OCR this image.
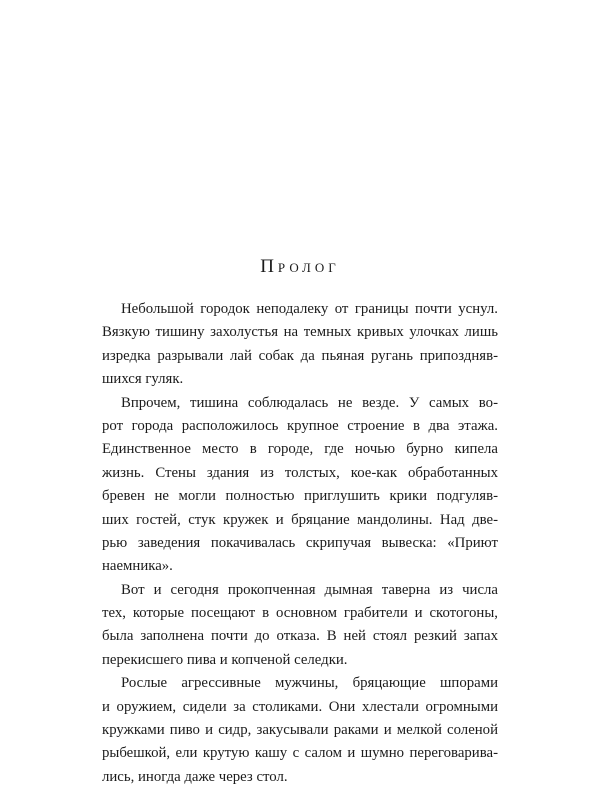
Пролог
Небольшой городок неподалеку от границы почти уснул.
Вязкую тишину захолустья на темных кривых улочках лишь
изредка разрывали лай собак да пьяная ругань припоздняв-
шихся гуляк.
Впрочем, тишина соблюдалась не везде. У самых во-
рот города расположилось крупное строение в два этажа.
Единственное место в городе, где ночью бурно кипела
жизнь. Стены здания из толстых, кое-как обработанных
бревен не могли полностью приглушить крики подгуляв-
ших гостей, стук кружек и бряцание мандолины. Над две-
рью заведения покачивалась скрипучая вывеска: «Приют
наемника».
Вот и сегодня прокопченная дымная таверна из числа
тех, которые посещают в основном грабители и скотогоны,
была заполнена почти до отказа. В ней стоял резкий запах
перекисшего пива и копченой селедки.
Рослые агрессивные мужчины, бряцающие шпорами
и оружием, сидели за столиками. Они хлестали огромными
кружками пиво и сидр, закусывали раками и мелкой соленой
рыбешкой, ели крутую кашу с салом и шумно переговарива-
лись, иногда даже через стол.
